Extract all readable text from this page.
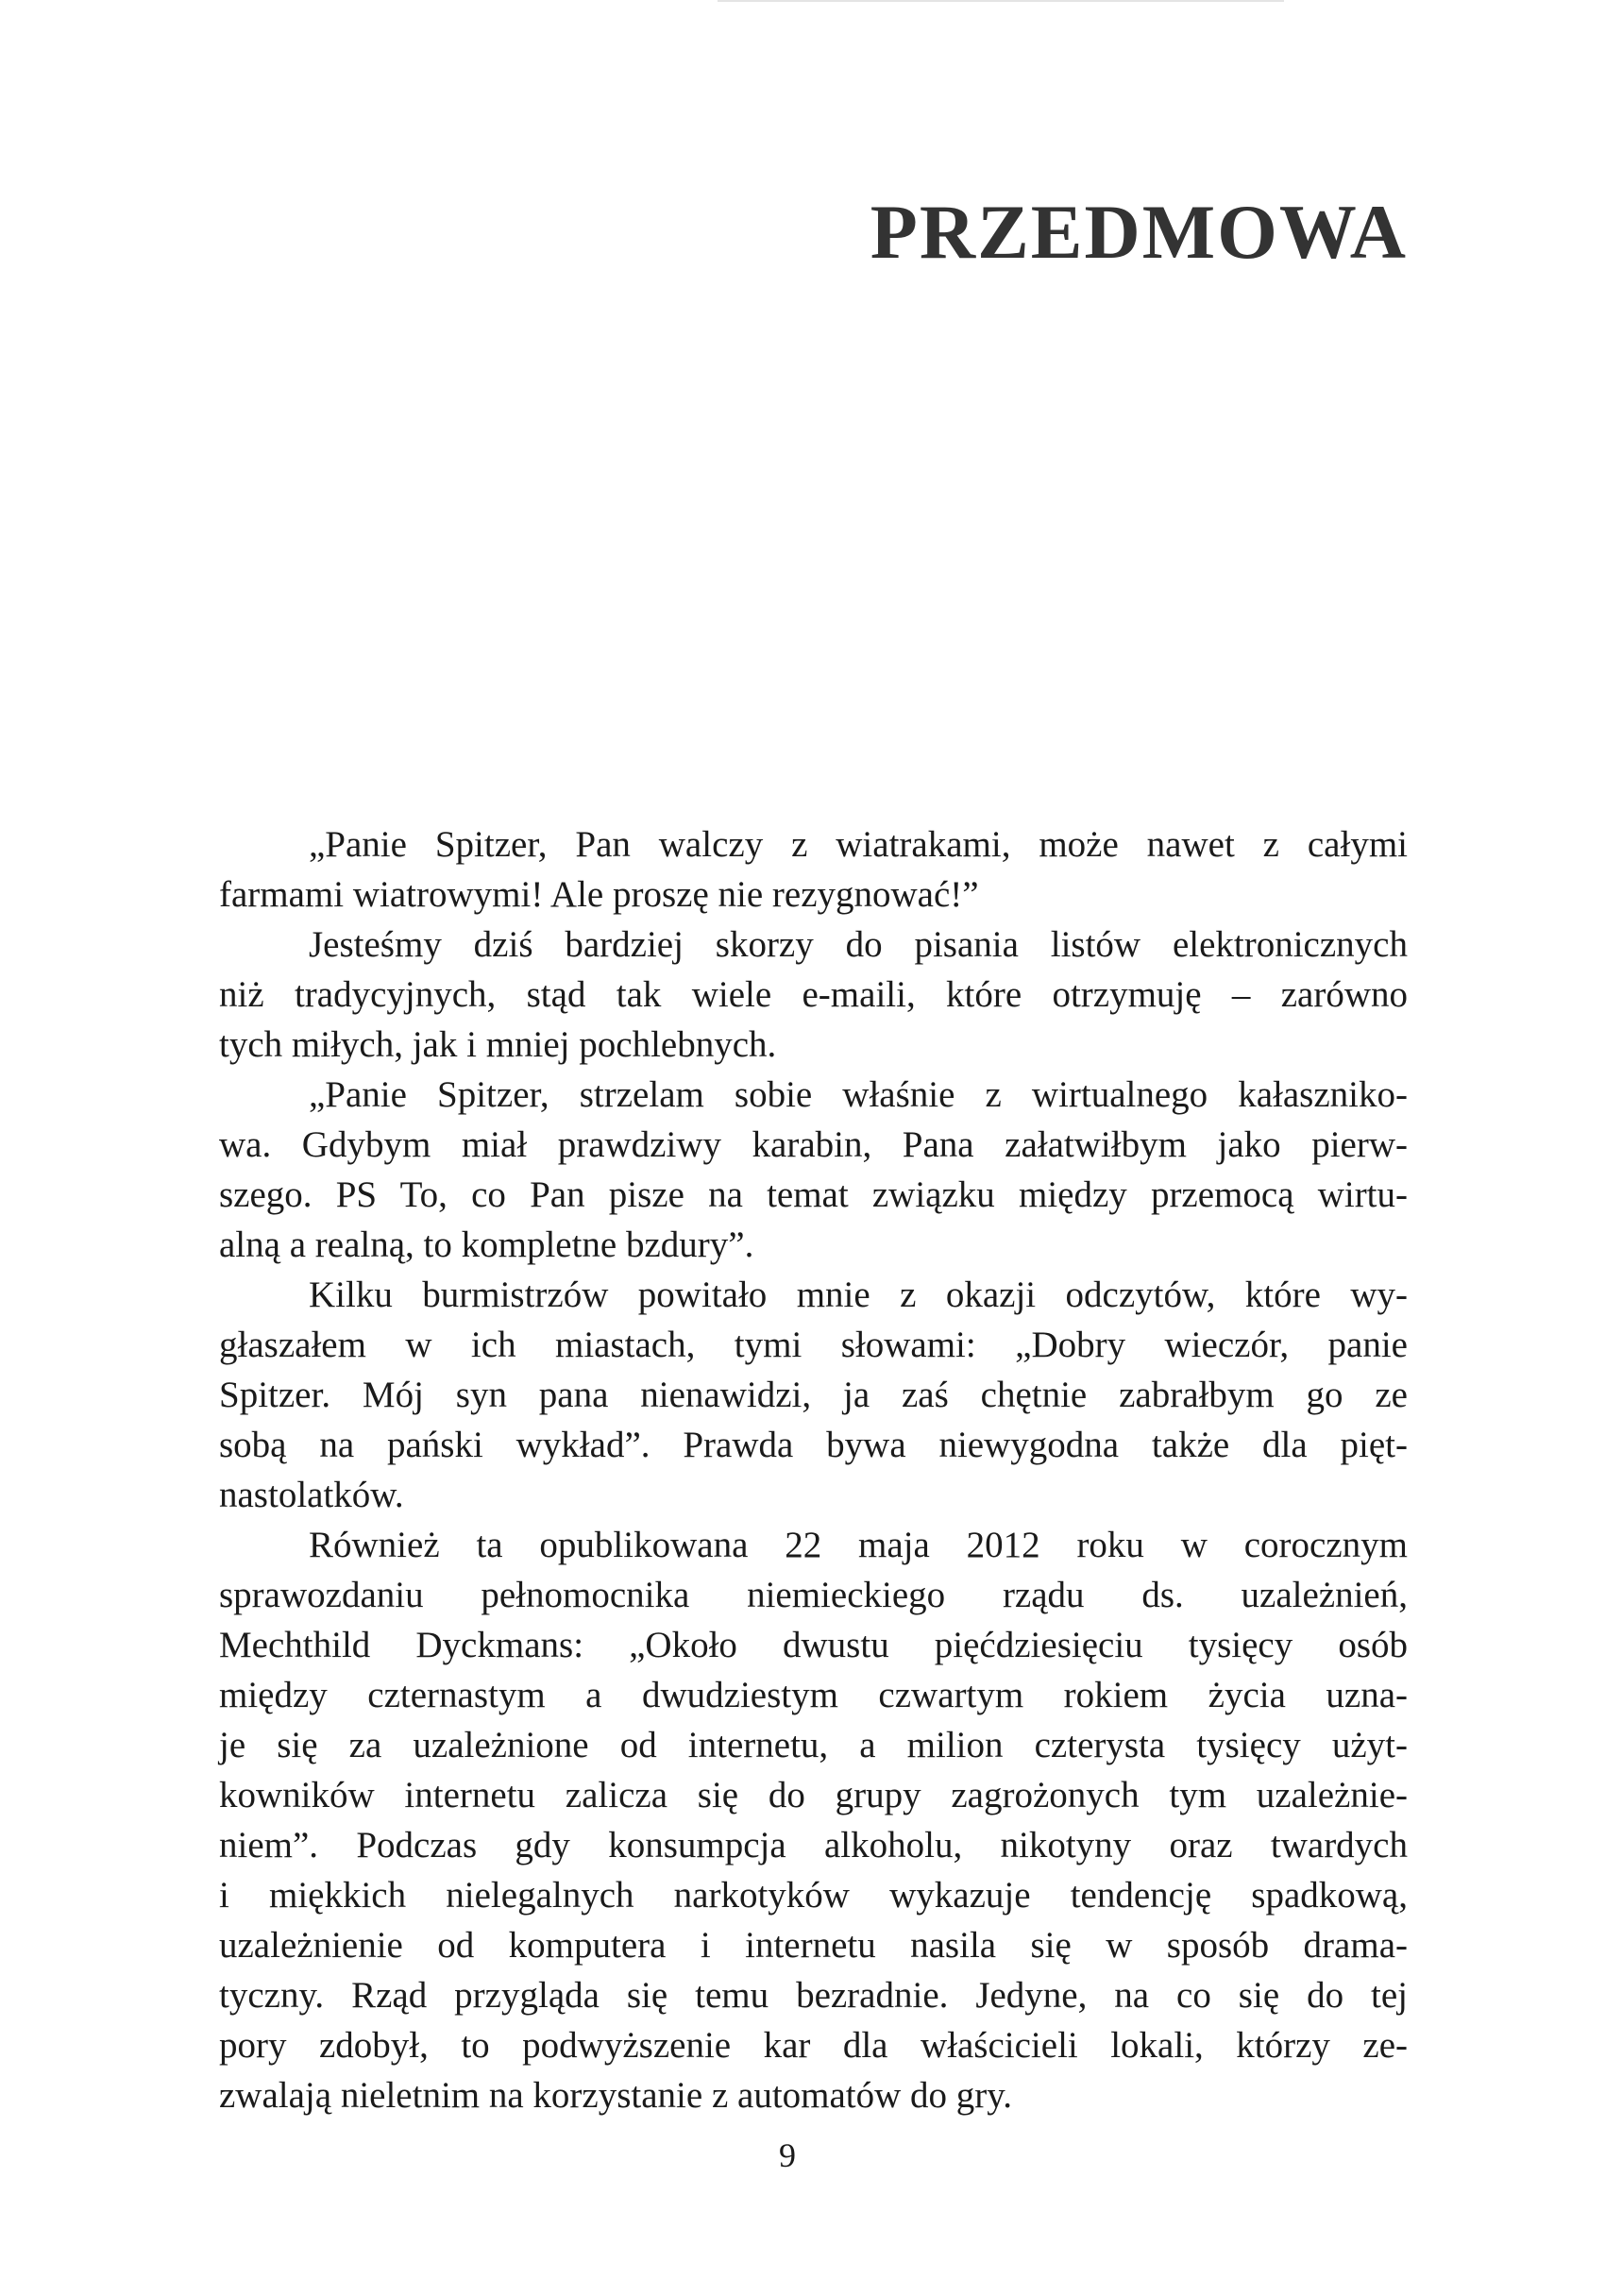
PRZEDMOWA
„Panie Spitzer, Pan walczy z wiatrakami, może nawet z całymi
farmami wiatrowymi! Ale proszę nie rezygnować!”
Jesteśmy dziś bardziej skorzy do pisania listów elektronicznych
niż tradycyjnych, stąd tak wiele e-maili, które otrzymuję – zarówno
tych miłych, jak i mniej pochlebnych.
„Panie Spitzer, strzelam sobie właśnie z wirtualnego kałasznikо-
wa. Gdybym miał prawdziwy karabin, Pana załatwiłbym jako pierw-
szego. PS To, co Pan pisze na temat związku między przemocą wirtu-
alną a realną, to kompletne bzdury”.
Kilku burmistrzów powitało mnie z okazji odczytów, które wy-
głaszałem w ich miastach, tymi słowami: „Dobry wieczór, panie
Spitzer. Mój syn pana nienawidzi, ja zaś chętnie zabrałbym go ze
sobą na pański wykład”. Prawda bywa niewygodna także dla pięt-
nastolatków.
Również ta opublikowana 22 maja 2012 roku w corocznym
sprawozdaniu pełnomocnika niemieckiego rządu ds. uzależnień,
Mechthild Dyckmans: „Około dwustu pięćdziesięciu tysięcy osób
między czternastym a dwudziestym czwartym rokiem życia uzna-
je się za uzależnione od internetu, a milion czterysta tysięcy użyt-
kowników internetu zalicza się do grupy zagrożonych tym uzależnie-
niem”. Podczas gdy konsumpcja alkoholu, nikotyny oraz twardych
i miękkich nielegalnych narkotyków wykazuje tendencję spadkową,
uzależnienie od komputera i internetu nasila się w sposób drama-
tyczny. Rząd przygląda się temu bezradnie. Jedyne, na co się do tej
pory zdobył, to podwyższenie kar dla właścicieli lokali, którzy ze-
zwalają nieletnim na korzystanie z automatów do gry.
9
